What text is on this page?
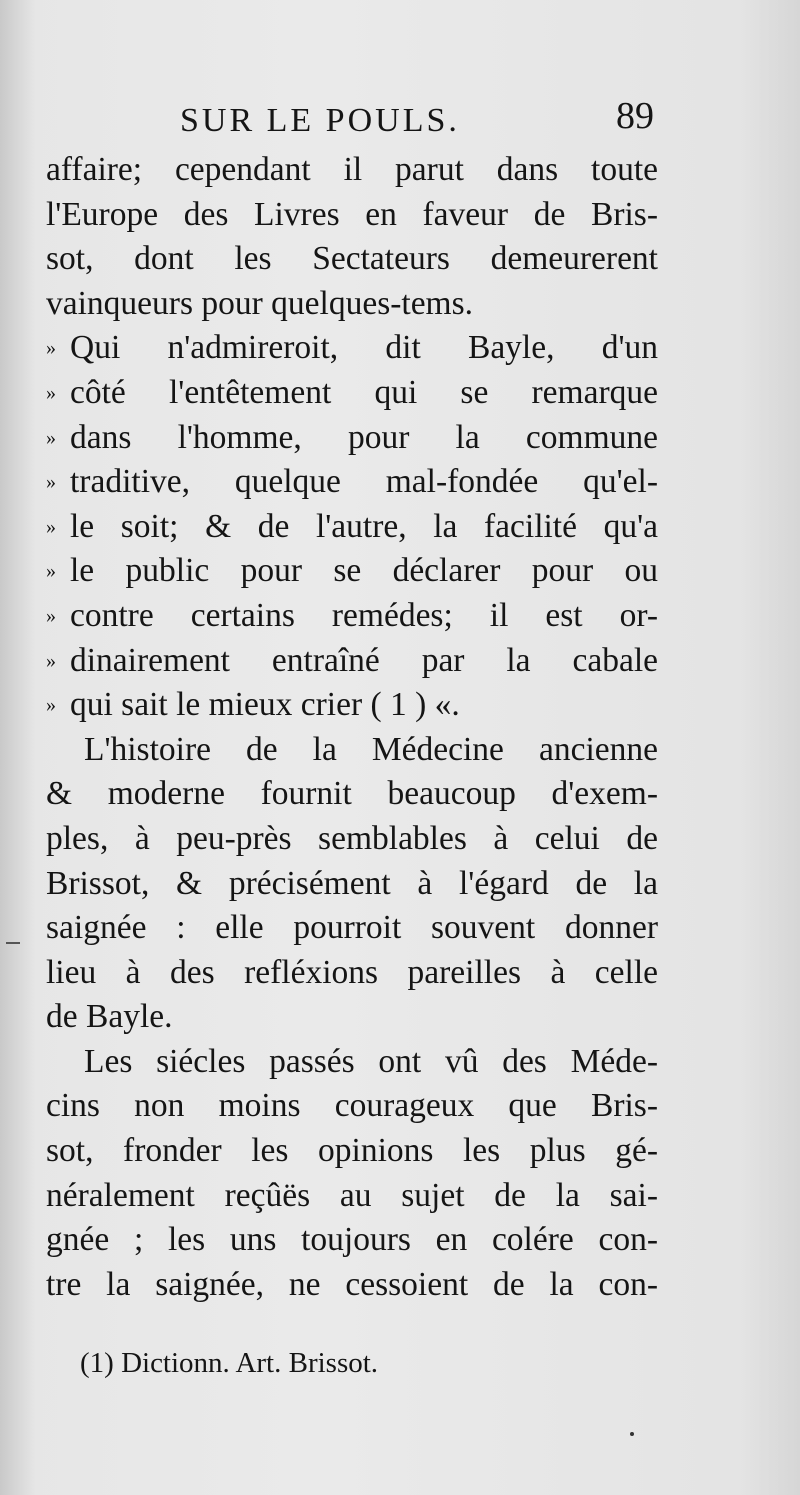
SUR LE POULS.	89
affaire; cependant il parut dans toute
l'Europe des Livres en faveur de Bris-
sot, dont les Sectateurs demeurerent
vainqueurs pour quelques-tems.
» Qui n'admireroit, dit Bayle, d'un
» côté l'entêtement qui se remarque
» dans l'homme, pour la commune
» traditive, quelque mal-fondée qu'el-
» le soit; & de l'autre, la facilité qu'a
» le public pour se déclarer pour ou
» contre certains remédes; il est or-
» dinairement entraîné par la cabale
» qui sait le mieux crier ( 1 ) «.
L'histoire de la Médecine ancienne
& moderne fournit beaucoup d'exem-
ples, à peu-près semblables à celui de
Brissot, & précisément à l'égard de la
saignée : elle pourroit souvent donner
lieu à des refléxions pareilles à celle
de Bayle.
Les siécles passés ont vû des Méde-
cins non moins courageux que Bris-
sot, fronder les opinions les plus gé-
néralement reçûës au sujet de la sai-
gnée ; les uns toujours en colére con-
tre la saignée, ne cessoient de la con-
(1) Dictionn. Art. Brissot.
